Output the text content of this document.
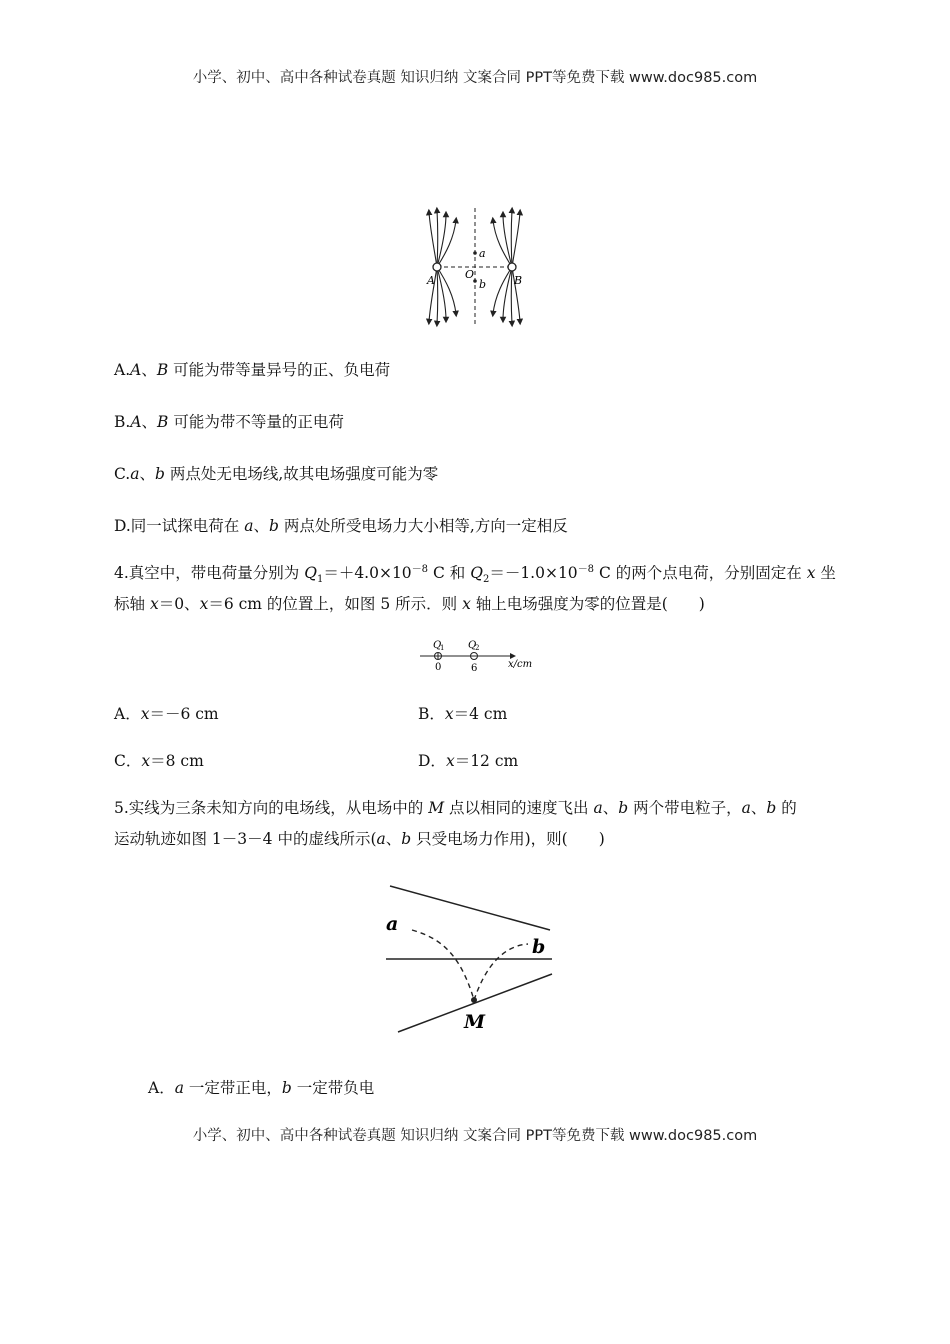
小学、初中、高中各种试卷真题 知识归纳 文案合同 PPT等免费下载 www.doc985.com
A	B
O
a
b
A.A、B 可能为带等量异号的正、负电荷
B.A、B 可能为带不等量的正电荷
C.a、b 两点处无电场线,故其电场强度可能为零
D.同一试探电荷在 a、b 两点处所受电场力大小相等,方向一定相反
4.真空中，带电荷量分别为 $Q_1=+4.0\times 10^{-8}$ C 和 $Q_2=-1.0\times 10^{-8}$ C 的两个点电荷，分别固定在 x 坐
标轴 x＝0、x＝6 cm 的位置上，如图 5 所示．则 x 轴上电场强度为零的位置是(　　)
Q
1 Q
2
0	6	x/cm
A．x＝－6 cm	B．x＝4 cm
C．x＝8 cm	D．x＝12 cm
5.实线为三条未知方向的电场线，从电场中的 M 点以相同的速度飞出 a、b 两个带电粒子，a、b 的
运动轨迹如图 1－3－4 中的虚线所示(a、b 只受电场力作用)，则(　　)
a
b
M
A．a 一定带正电，b 一定带负电
小学、初中、高中各种试卷真题 知识归纳 文案合同 PPT等免费下载 www.doc985.com
